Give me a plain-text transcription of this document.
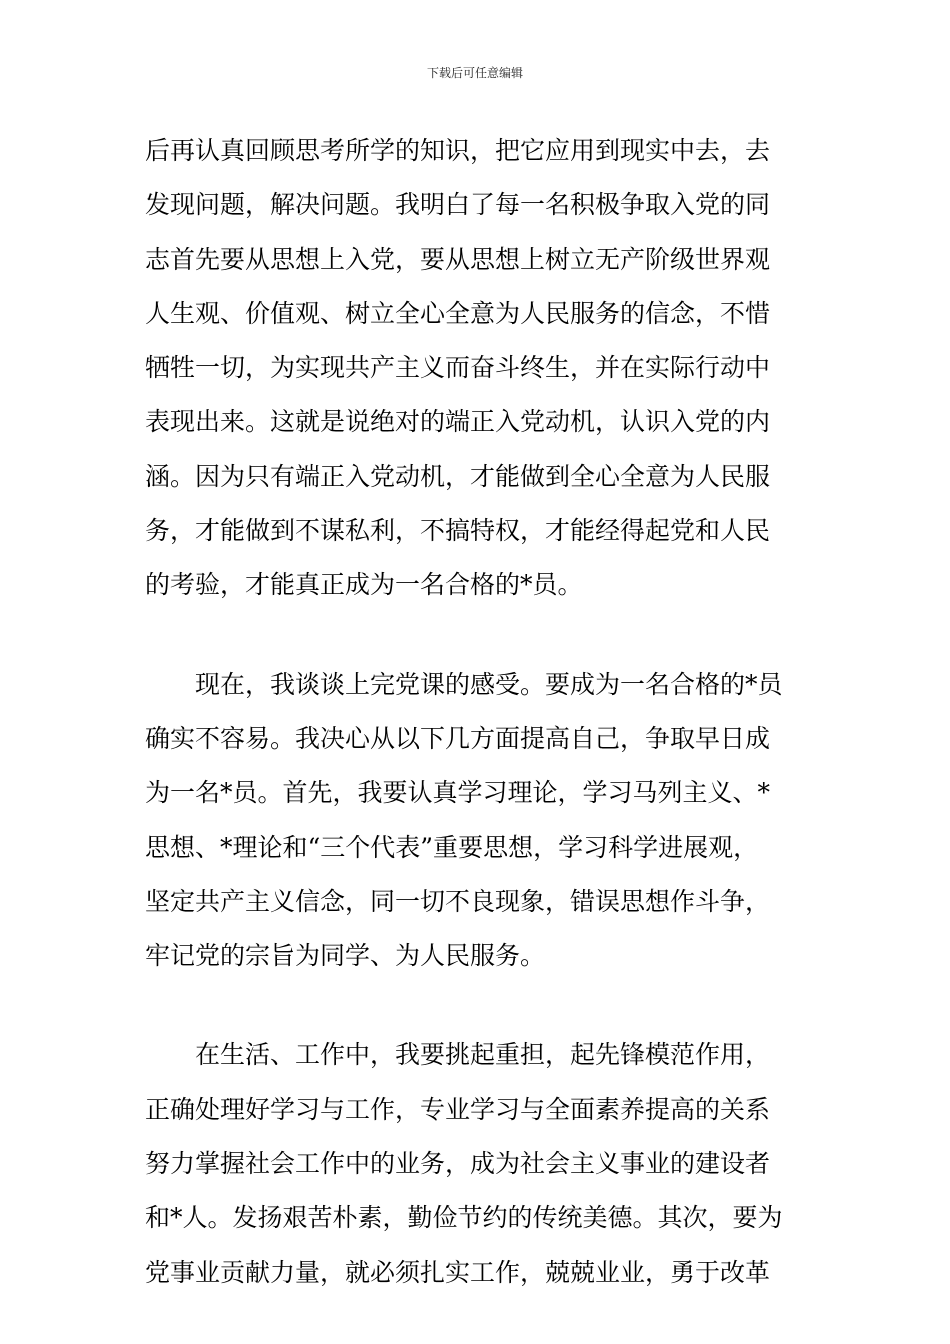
下载后可任意编辑
后再认真回顾思考所学的知识，把它应用到现实中去，去
发现问题，解决问题。我明白了每一名积极争取入党的同
志首先要从思想上入党，要从思想上树立无产阶级世界观
人生观、价值观、树立全心全意为人民服务的信念，不惜
牺牲一切，为实现共产主义而奋斗终生，并在实际行动中
表现出来。这就是说绝对的端正入党动机，认识入党的内
涵。因为只有端正入党动机，才能做到全心全意为人民服
务，才能做到不谋私利，不搞特权，才能经得起党和人民
的考验，才能真正成为一名合格的*员。
现在，我谈谈上完党课的感受。要成为一名合格的*员
确实不容易。我决心从以下几方面提高自己，争取早日成
为一名*员。首先，我要认真学习理论，学习马列主义、*
思想、*理论和“三个代表”重要思想，学习科学进展观，
坚定共产主义信念，同一切不良现象，错误思想作斗争，
牢记党的宗旨为同学、为人民服务。
在生活、工作中，我要挑起重担，起先锋模范作用，
正确处理好学习与工作，专业学习与全面素养提高的关系
努力掌握社会工作中的业务，成为社会主义事业的建设者
和*人。发扬艰苦朴素，勤俭节约的传统美德。其次，要为
党事业贡献力量，就必须扎实工作，兢兢业业，勇于改革
